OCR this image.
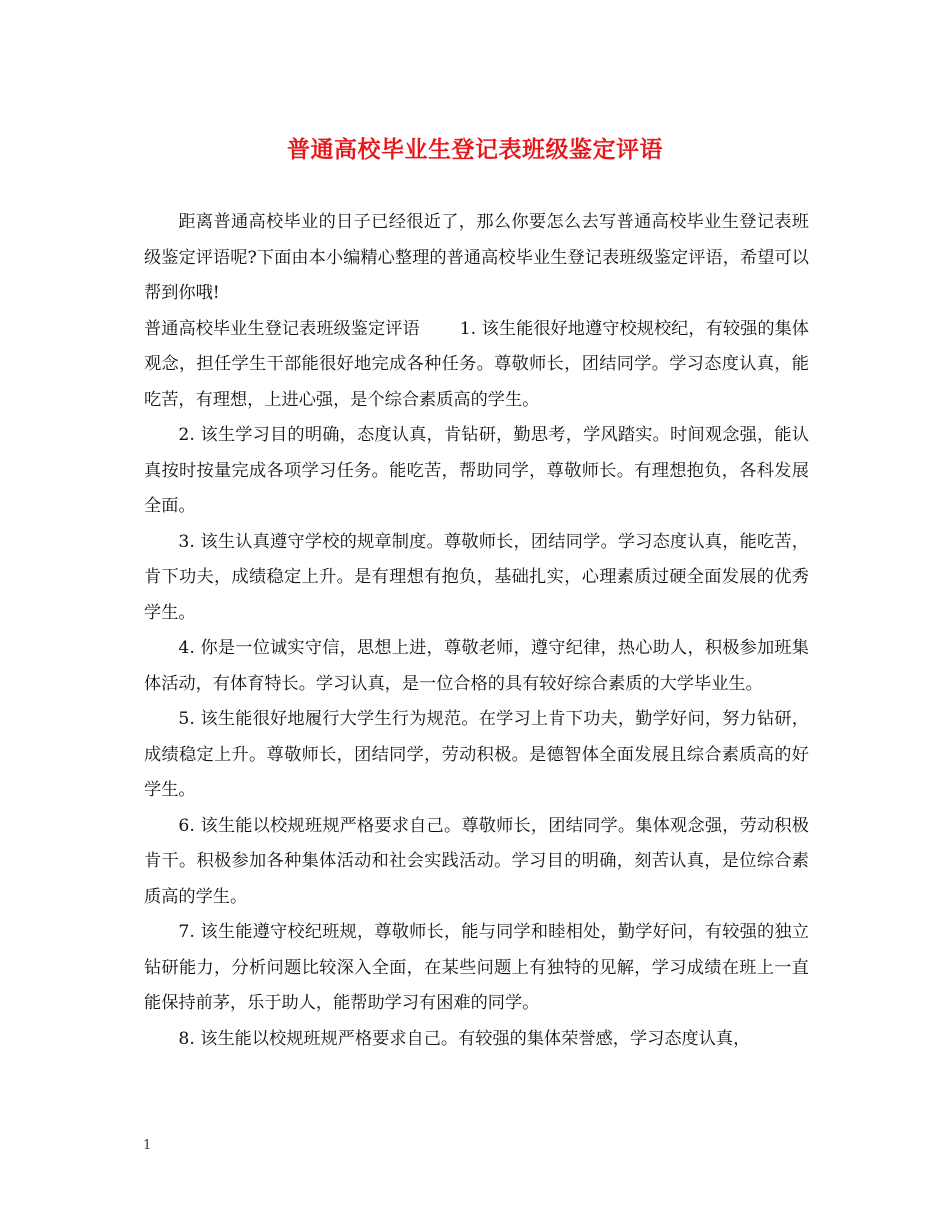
普通高校毕业生登记表班级鉴定评语

距离普通高校毕业的日子已经很近了，那么你要怎么去写普通高校毕业生登记表班级鉴定评语呢?下面由本小编精心整理的普通高校毕业生登记表班级鉴定评语，希望可以帮到你哦!

普通高校毕业生登记表班级鉴定评语 1. 该生能很好地遵守校规校纪，有较强的集体观念，担任学生干部能很好地完成各种任务。尊敬师长，团结同学。学习态度认真，能吃苦，有理想，上进心强，是个综合素质高的学生。

2. 该生学习目的明确，态度认真，肯钻研，勤思考，学风踏实。时间观念强，能认真按时按量完成各项学习任务。能吃苦，帮助同学，尊敬师长。有理想抱负，各科发展全面。

3. 该生认真遵守学校的规章制度。尊敬师长，团结同学。学习态度认真，能吃苦，肯下功夫，成绩稳定上升。是有理想有抱负，基础扎实，心理素质过硬全面发展的优秀学生。

4. 你是一位诚实守信，思想上进，尊敬老师，遵守纪律，热心助人，积极参加班集体活动，有体育特长。学习认真，是一位合格的具有较好综合素质的大学毕业生。

5. 该生能很好地履行大学生行为规范。在学习上肯下功夫，勤学好问，努力钻研，成绩稳定上升。尊敬师长，团结同学，劳动积极。是德智体全面发展且综合素质高的好学生。

6. 该生能以校规班规严格要求自己。尊敬师长，团结同学。集体观念强，劳动积极肯干。积极参加各种集体活动和社会实践活动。学习目的明确，刻苦认真，是位综合素质高的学生。

7. 该生能遵守校纪班规，尊敬师长，能与同学和睦相处，勤学好问，有较强的独立钻研能力，分析问题比较深入全面，在某些问题上有独特的见解，学习成绩在班上一直能保持前茅，乐于助人，能帮助学习有困难的同学。

8. 该生能以校规班规严格要求自己。有较强的集体荣誉感，学习态度认真，

1
